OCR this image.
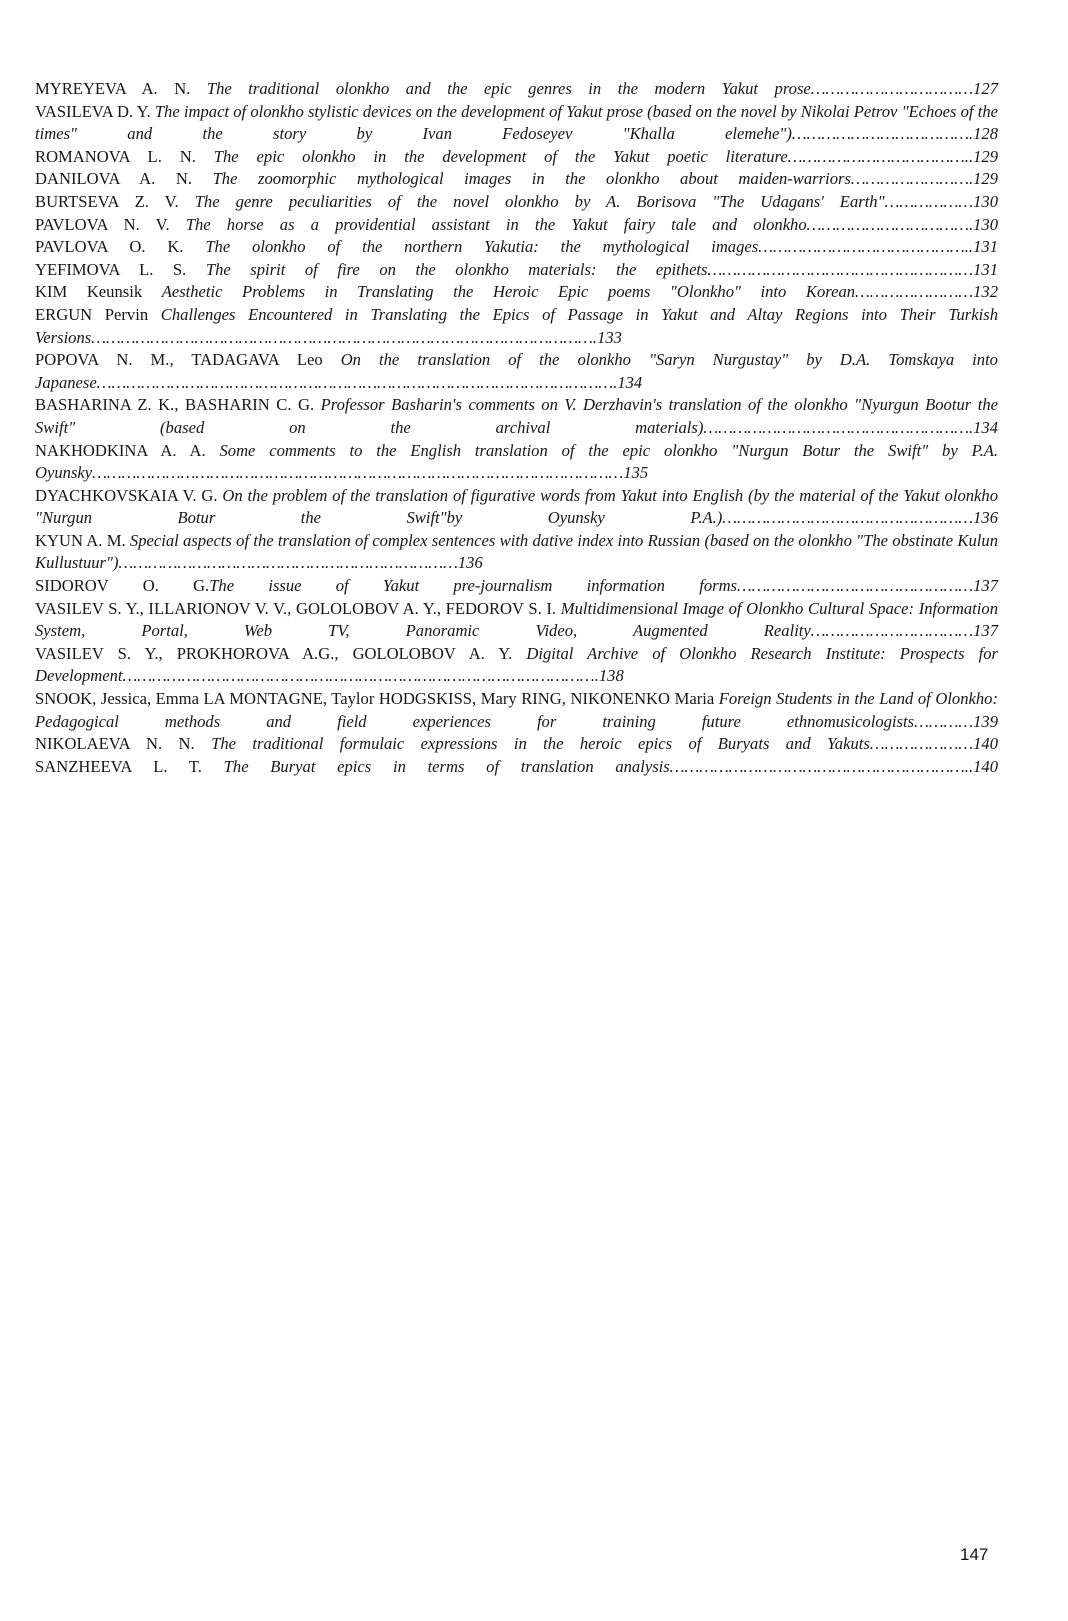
MYREYEVA A. N. The traditional olonkho and the epic genres in the modern Yakut prose……………………………127
VASILEVA D. Y. The impact of olonkho stylistic devices on the development of Yakut prose (based on the novel by Nikolai Petrov "Echoes of the times" and the story by Ivan Fedoseyev "Khalla elemehe")……………………………….128
ROMANOVA L. N. The epic olonkho in the development of the Yakut poetic literature………………………………..129
DANILOVA A. N. The zoomorphic mythological images in the olonkho about maiden-warriors…………………….129
BURTSEVA Z. V. The genre peculiarities of the novel olonkho by A. Borisova "The Udagans' Earth"………………130
PAVLOVA N. V. The horse as a providential assistant in the Yakut fairy tale and olonkho…………………………….130
PAVLOVA O. K. The olonkho of the northern Yakutia: the mythological images……………………………………..131
YEFIMOVA L. S. The spirit of fire on the olonkho materials: the epithets………………………………………………131
KIM Keunsik Aesthetic Problems in Translating the Heroic Epic poems "Olonkho" into Korean……………………132
ERGUN Pervin Challenges Encountered in Translating the Epics of Passage in Yakut and Altay Regions into Their Turkish Versions………………………………………………………………………………………….133
POPOVA N. M., TADAGAVA Leo On the translation of the olonkho "Saryn Nurgustay" by D.A. Tomskaya into Japanese…………………………………………………………………………………………….134
BASHARINA Z. K., BASHARIN C. G. Professor Basharin's comments on V. Derzhavin's translation of the olonkho "Nyurgun Bootur the Swift" (based on the archival materials)……………………………………………….134
NAKHODKINA A. A. Some comments to the English translation of the epic olonkho "Nurgun Botur the Swift" by P.A. Oyunsky………………………………………………………………………………………………135
DYACHKOVSKAIA V. G. On the problem of the translation of figurative words from Yakut into English (by the material of the Yakut olonkho "Nurgun Botur the Swift"by Oyunsky P.A.)……………………………………………136
KYUN A. M. Special aspects of the translation of complex sentences with dative index into Russian (based on the olonkho "The obstinate Kulun Kullustuur")……………………………………………………………136
SIDOROV O. G.The issue of Yakut pre-journalism information forms…………………………………………137
VASILEV S. Y., ILLARIONOV V. V., GOLOLOBOV A. Y., FEDOROV S. I. Multidimensional Image of Olonkho Cultural Space: Information System, Portal, Web TV, Panoramic Video, Augmented Reality……………………………137
VASILEV S. Y., PROKHOROVA A.G., GOLOLOBOV A. Y. Digital Archive of Olonkho Research Institute: Prospects for Development…………………………………………………………………………………….138
SNOOK, Jessica, Emma LA MONTAGNE, Taylor HODGSKISS, Mary RING, NIKONENKO Maria Foreign Students in the Land of Olonkho: Pedagogical methods and field experiences for training future ethnomusicologists…………139
NIKOLAEVA N. N. The traditional formulaic expressions in the heroic epics of Buryats and Yakuts…………………140
SANZHEEVA L. T. The Buryat epics in terms of translation analysis……………………………………………………..140
147
